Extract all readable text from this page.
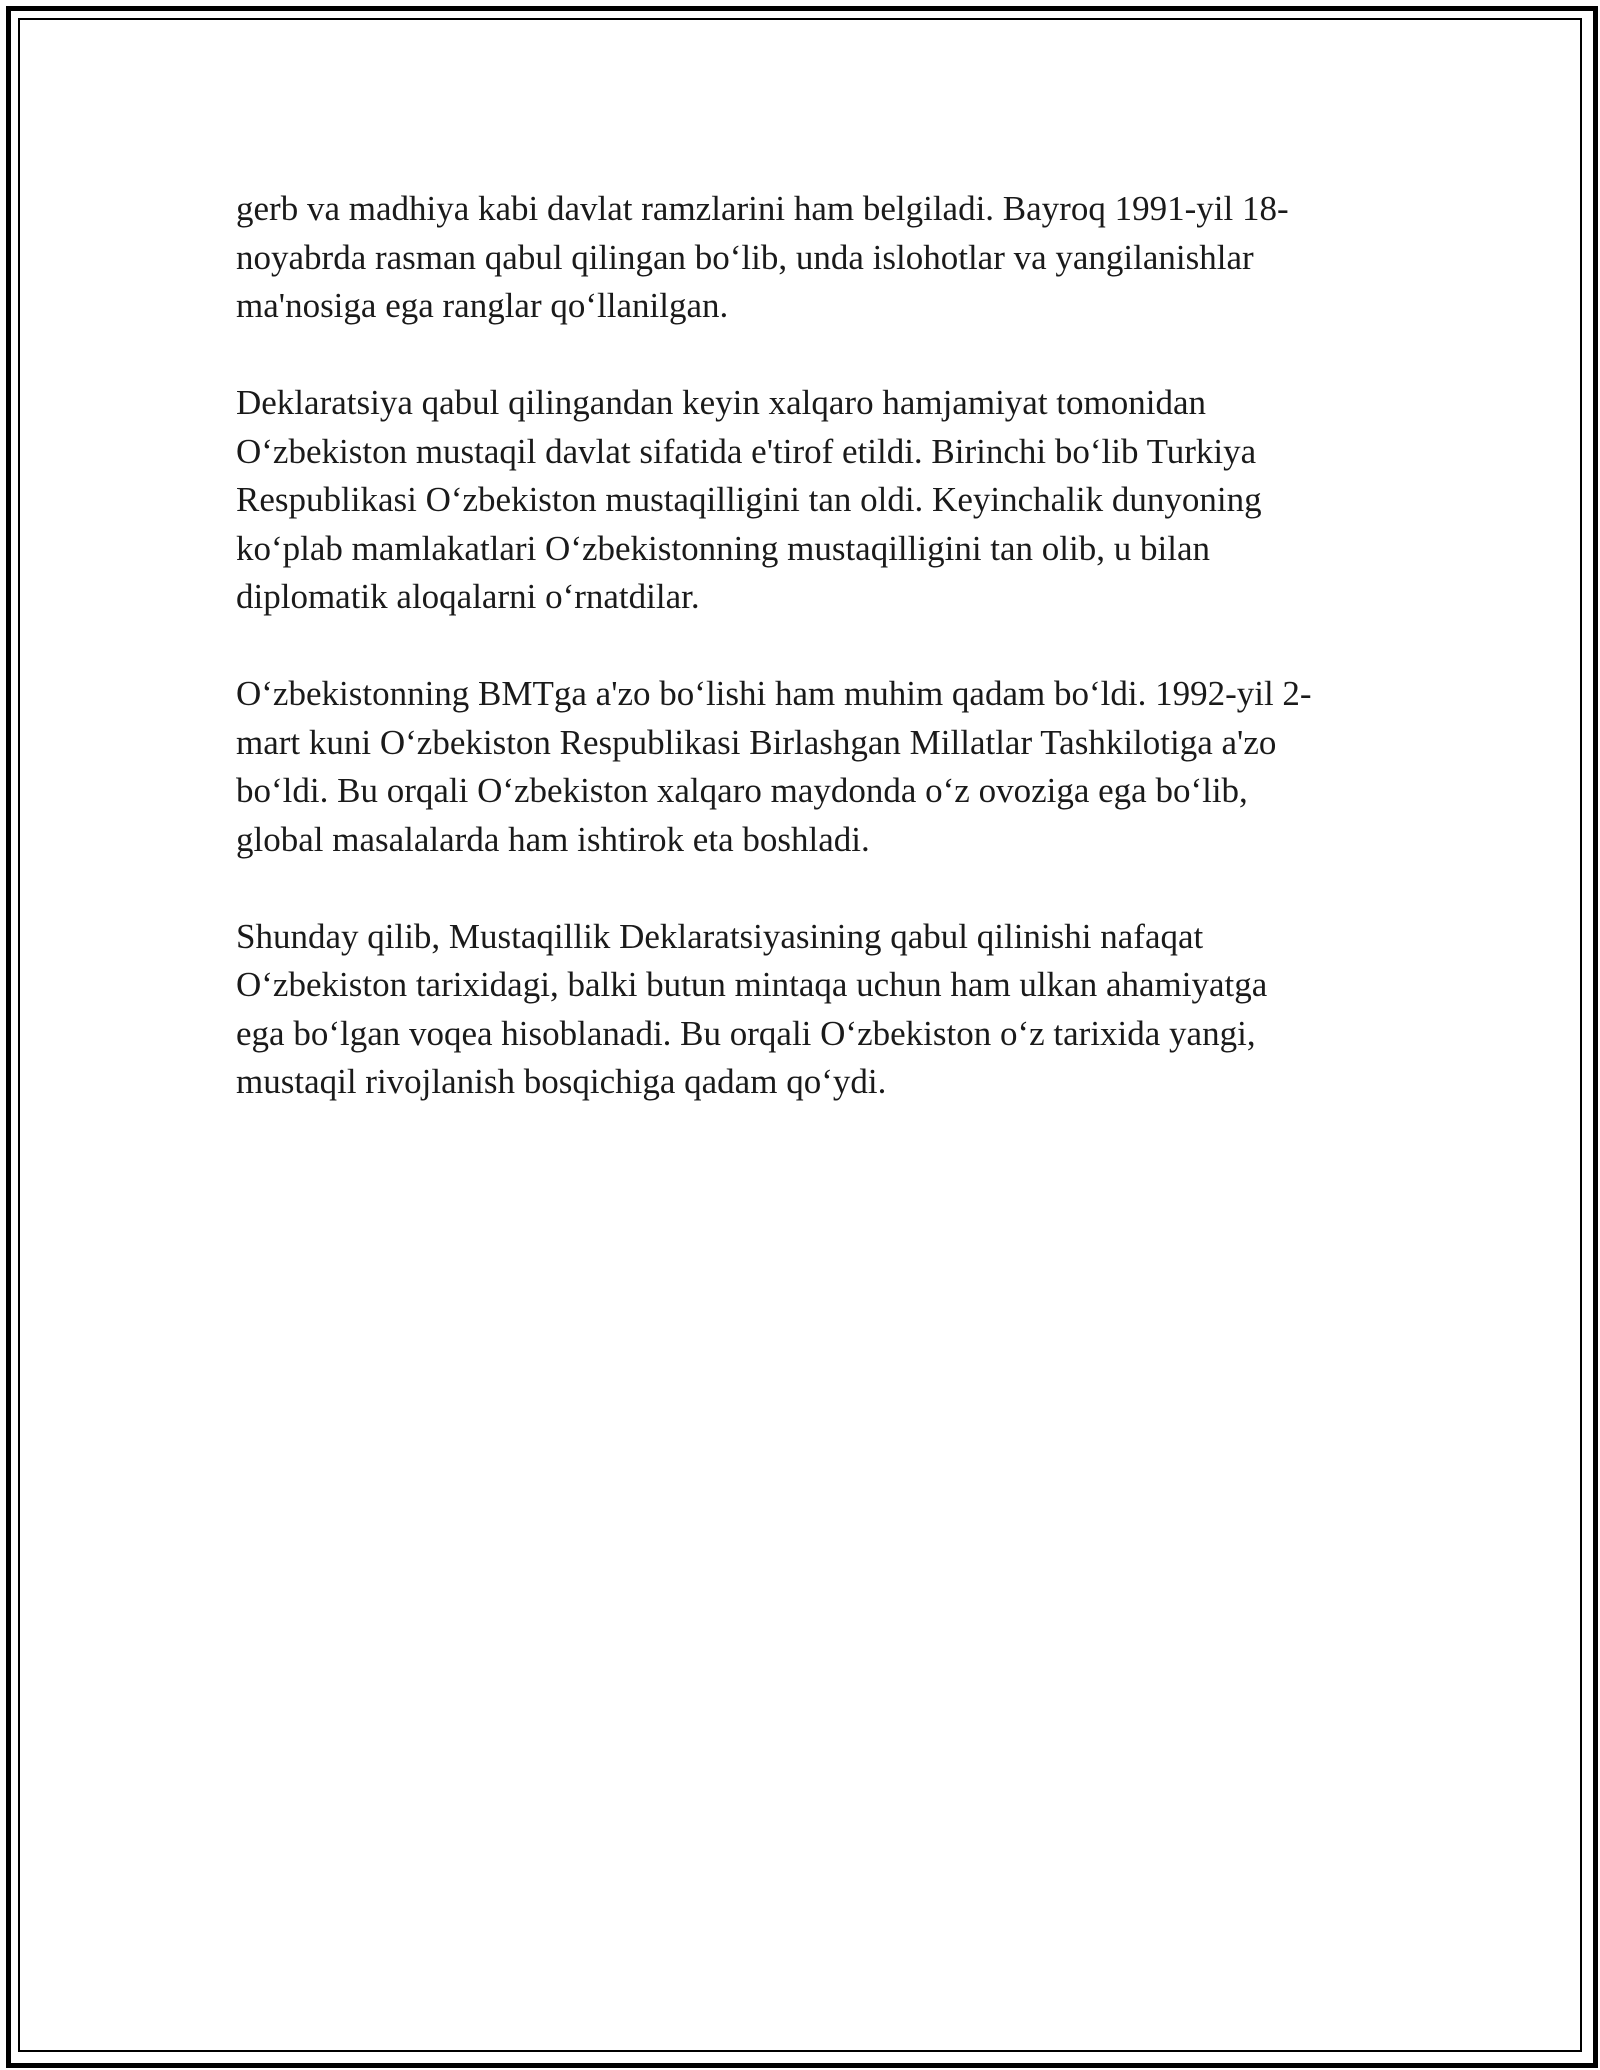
gerb va madhiya kabi davlat ramzlarini ham belgiladi. Bayroq 1991-yil 18-
noyabrda rasman qabul qilingan bo‘lib, unda islohotlar va yangilanishlar
ma'nosiga ega ranglar qo‘llanilgan.

Deklaratsiya qabul qilingandan keyin xalqaro hamjamiyat tomonidan
O‘zbekiston mustaqil davlat sifatida e'tirof etildi. Birinchi bo‘lib Turkiya
Respublikasi O‘zbekiston mustaqilligini tan oldi. Keyinchalik dunyoning
ko‘plab mamlakatlari O‘zbekistonning mustaqilligini tan olib, u bilan
diplomatik aloqalarni o‘rnatdilar.

O‘zbekistonning BMTga a'zo bo‘lishi ham muhim qadam bo‘ldi. 1992-yil 2-
mart kuni O‘zbekiston Respublikasi Birlashgan Millatlar Tashkilotiga a'zo
bo‘ldi. Bu orqali O‘zbekiston xalqaro maydonda o‘z ovoziga ega bo‘lib,
global masalalarda ham ishtirok eta boshladi.

Shunday qilib, Mustaqillik Deklaratsiyasining qabul qilinishi nafaqat
O‘zbekiston tarixidagi, balki butun mintaqa uchun ham ulkan ahamiyatga
ega bo‘lgan voqea hisoblanadi. Bu orqali O‘zbekiston o‘z tarixida yangi,
mustaqil rivojlanish bosqichiga qadam qo‘ydi.
